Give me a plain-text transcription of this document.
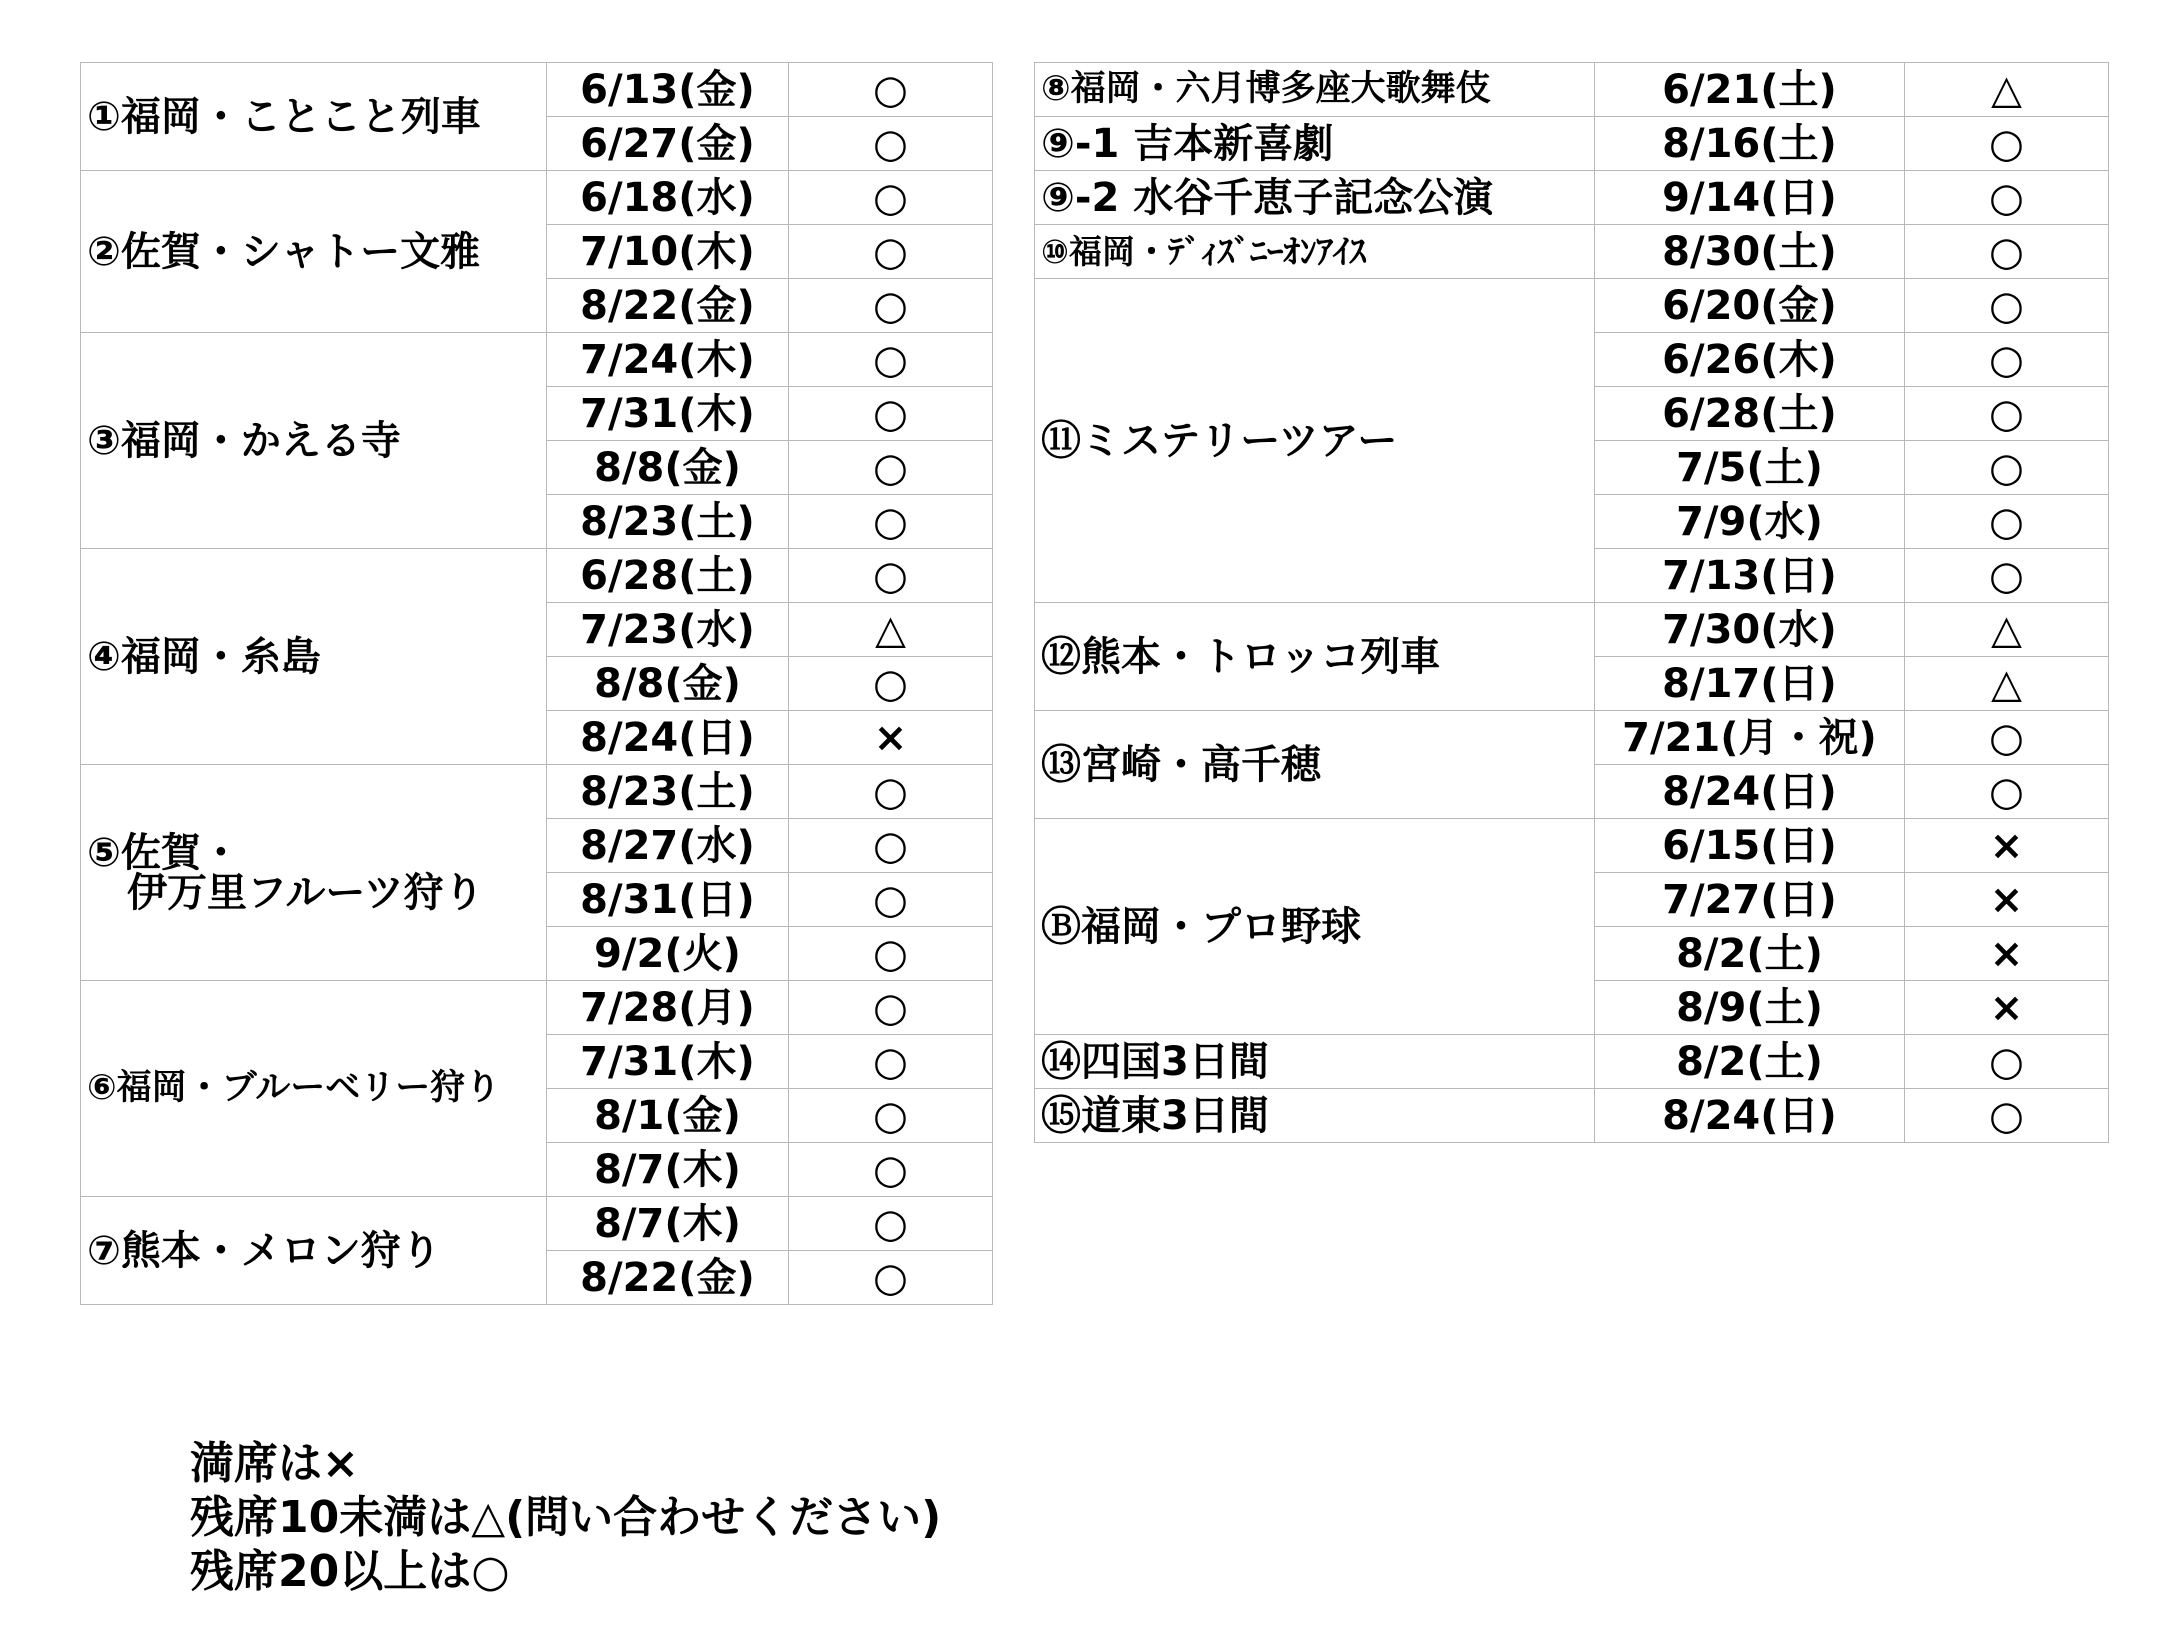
①福岡・ことこと列車	6/13(金)	○
	6/27(金)	○

②佐賀・シャトー文雅	6/18(水)	○
	7/10(木)	○
	8/22(金)	○

③福岡・かえる寺	7/24(木)	○
	7/31(木)	○
	8/8(金)	○
	8/23(土)	○

④福岡・糸島	6/28(土)	○
	7/23(水)	△
	8/8(金)	○
	8/24(日)	×

⑤佐賀・
　伊万里フルーツ狩り	8/23(土)	○
	8/27(水)	○
	8/31(日)	○
	9/2(火)	○

⑥福岡・ブルーベリー狩り	7/28(月)	○
	7/31(木)	○
	8/1(金)	○
	8/7(木)	○

⑦熊本・メロン狩り	8/7(木)	○
	8/22(金)	○
⑧福岡・六月博多座大歌舞伎	6/21(土)	△

⑨-1 吉本新喜劇	8/16(土)	○

⑨-2 水谷千恵子記念公演	9/14(日)	○

⑩福岡・ﾃﾞｨｽﾞﾆｰｵﾝｱｲｽ	8/30(土)	○

⑪ミステリーツアー	6/20(金)	○
	6/26(木)	○
	6/28(土)	○
	7/5(土)	○
	7/9(水)	○
	7/13(日)	○

⑫熊本・トロッコ列車	7/30(水)	△
	8/17(日)	△

⑬宮崎・高千穂	7/21(月・祝)	○
	8/24(日)	○

Ⓑ福岡・プロ野球	6/15(日)	×
	7/27(日)	×
	8/2(土)	×
	8/9(土)	×

⑭四国3日間	8/2(土)	○

⑮道東3日間	8/24(日)	○
満席は×
残席10未満は△(問い合わせください)
残席20以上は○
